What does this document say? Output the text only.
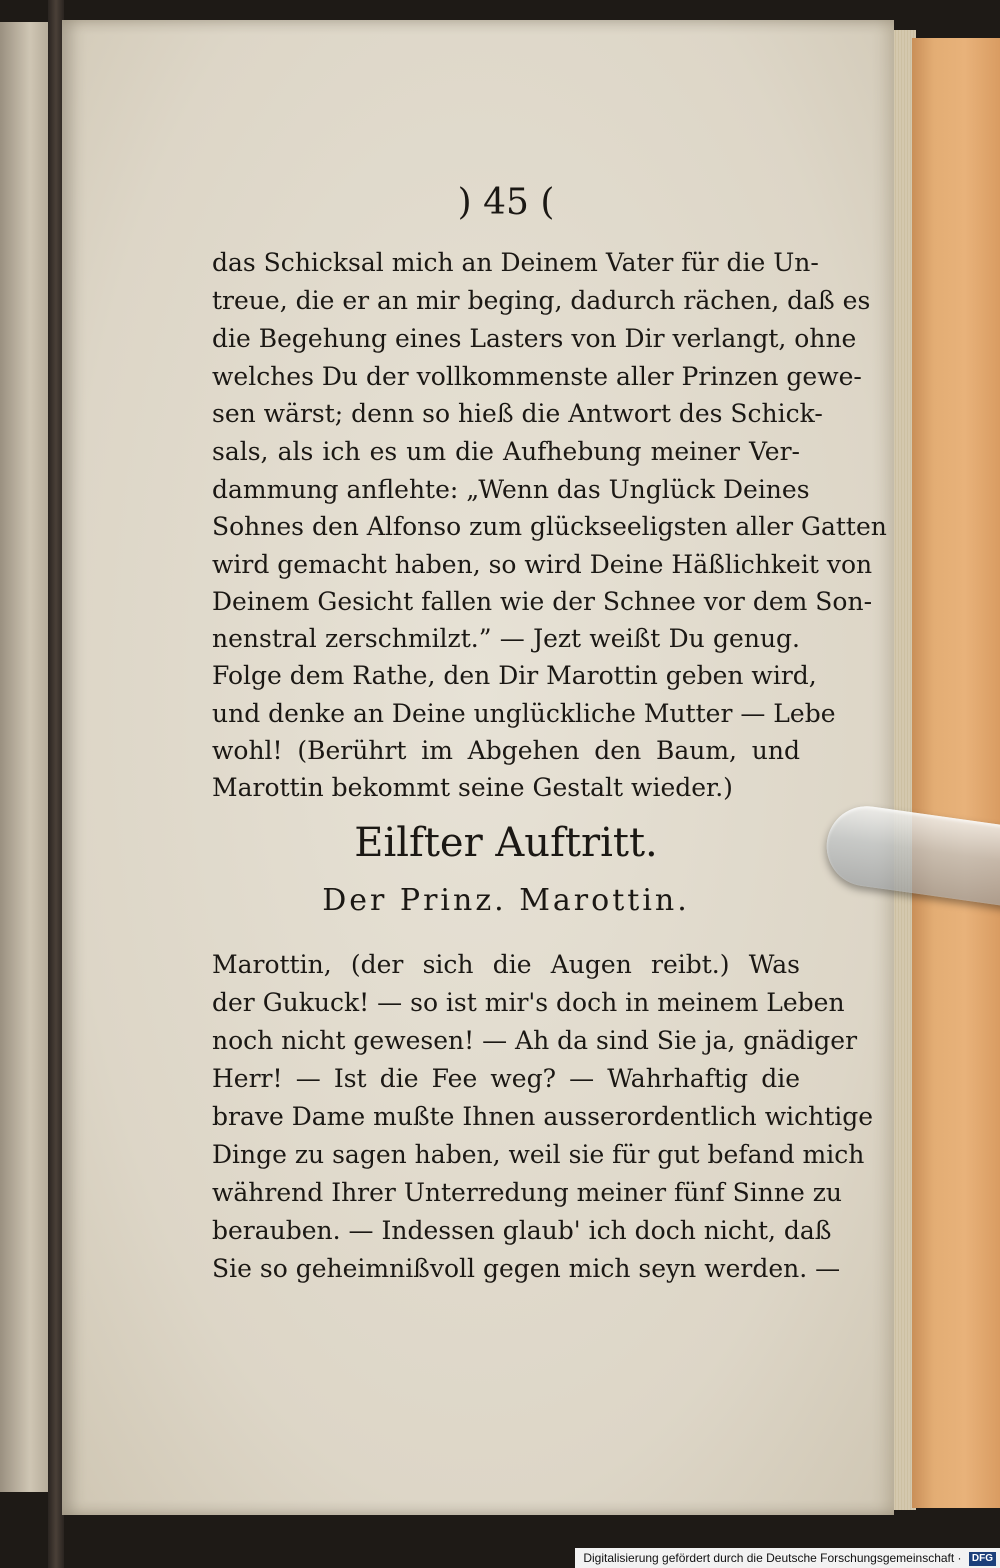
) 45 (
das Schicksal mich an Deinem Vater für die Un-
treue, die er an mir beging, dadurch rächen, daß es
die Begehung eines Lasters von Dir verlangt, ohne
welches Du der vollkommenste aller Prinzen gewe-
sen wärst; denn so hieß die Antwort des Schick-
sals, als ich es um die Aufhebung meiner Ver-
dammung anflehte: „Wenn das Unglück Deines
Sohnes den Alfonso zum glückseeligsten aller Gatten
wird gemacht haben, so wird Deine Häßlichkeit von
Deinem Gesicht fallen wie der Schnee vor dem Son-
nenstral zerschmilzt.” — Jezt weißt Du genug.
Folge dem Rathe, den Dir Marottin geben wird,
und denke an Deine unglückliche Mutter — Lebe
wohl! (Berührt im Abgehen den Baum, und
Marottin bekommt seine Gestalt wieder.)
Eilfter Auftritt.
Der Prinz. Marottin.
Marottin, (der sich die Augen reibt.) Was
der Gukuck! — so ist mir's doch in meinem Leben
noch nicht gewesen! — Ah da sind Sie ja, gnädiger
Herr! — Ist die Fee weg? — Wahrhaftig die
brave Dame mußte Ihnen ausserordentlich wichtige
Dinge zu sagen haben, weil sie für gut befand mich
während Ihrer Unterredung meiner fünf Sinne zu
berauben. — Indessen glaub' ich doch nicht, daß
Sie so geheimnißvoll gegen mich seyn werden. —
Digitalisierung gefördert durch die Deutsche Forschungsgemeinschaft · DFG
